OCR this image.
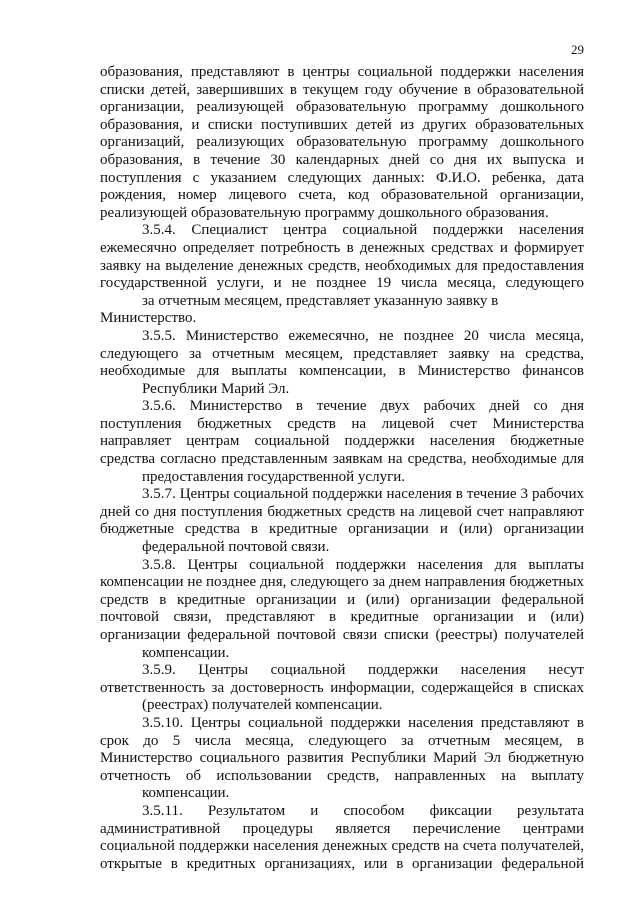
29

образования, представляют в центры социальной поддержки населения списки детей, завершивших в текущем году обучение в образовательной организации, реализующей образовательную программу дошкольного образования, и списки поступивших детей из других образовательных организаций, реализующих образовательную программу дошкольного образования, в течение 30 календарных дней со дня их выпуска и поступления с указанием следующих данных: Ф.И.О. ребенка, дата рождения, номер лицевого счета, код образовательной организации,
реализующей образовательную программу дошкольного образования.

3.5.4. Специалист центра социальной поддержки населения ежемесячно определяет потребность в денежных средствах и формирует заявку на выделение денежных средств, необходимых для предоставления государственной услуги, и не позднее 19 числа месяца, следующего
за отчетным месяцем, представляет указанную заявку в Министерство.

3.5.5. Министерство ежемесячно, не позднее 20 числа месяца, следующего за отчетным месяцем, представляет заявку на средства, необходимые для выплаты компенсации, в Министерство финансов
Республики Марий Эл.

3.5.6. Министерство в течение двух рабочих дней со дня поступления бюджетных средств на лицевой счет Министерства направляет центрам социальной поддержки населения бюджетные средства согласно представленным заявкам на средства, необходимые для
предоставления государственной услуги.

3.5.7. Центры социальной поддержки населения в течение 3 рабочих дней со дня поступления бюджетных средств на лицевой счет направляют бюджетные средства в кредитные организации и (или) организации
федеральной почтовой связи.

3.5.8. Центры социальной поддержки населения для выплаты компенсации не позднее дня, следующего за днем направления бюджетных средств в кредитные организации и (или) организации федеральной почтовой связи, представляют в кредитные организации и (или) организации федеральной почтовой связи списки (реестры) получателей
компенсации.

3.5.9. Центры социальной поддержки населения несут ответственность за достоверность информации, содержащейся в списках
(реестрах) получателей компенсации.

3.5.10. Центры социальной поддержки населения представляют в срок до 5 числа месяца, следующего за отчетным месяцем, в Министерство социального развития Республики Марий Эл бюджетную отчетность об использовании средств, направленных на выплату
компенсации.

3.5.11. Результатом и способом фиксации результата административной процедуры является перечисление центрами социальной поддержки населения денежных средств на счета получателей, открытые в кредитных организациях, или в организации федеральной
